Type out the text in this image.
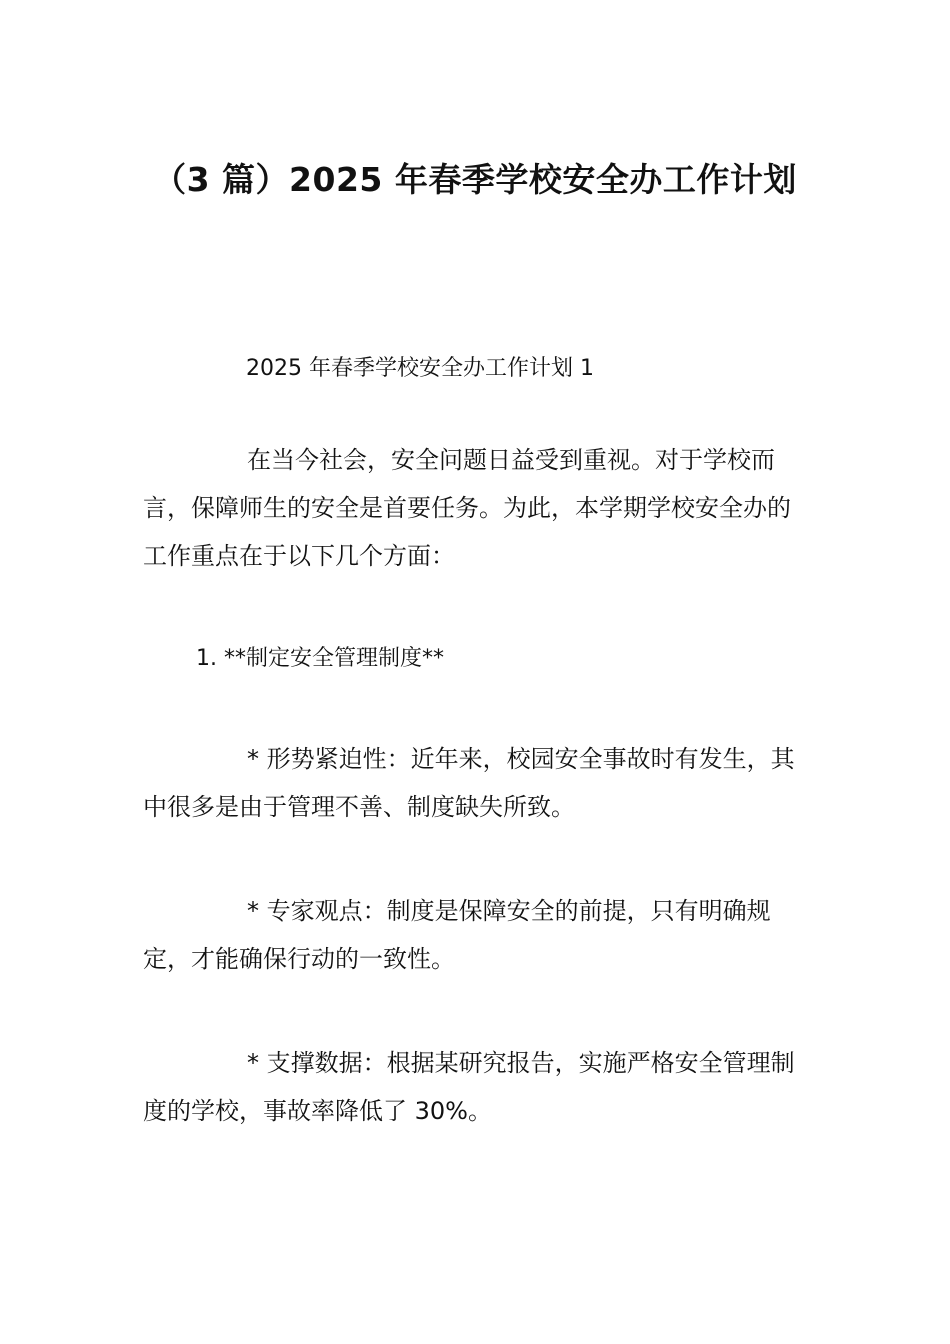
（3 篇）2025 年春季学校安全办工作计划

2025 年春季学校安全办工作计划 1

在当今社会，安全问题日益受到重视。对于学校而言，保障师生的安全是首要任务。为此，本学期学校安全办的工作重点在于以下几个方面：

1. **制定安全管理制度**

* 形势紧迫性：近年来，校园安全事故时有发生，其中很多是由于管理不善、制度缺失所致。

* 专家观点：制度是保障安全的前提，只有明确规定，才能确保行动的一致性。

* 支撑数据：根据某研究报告，实施严格安全管理制度的学校，事故率降低了 30%。
